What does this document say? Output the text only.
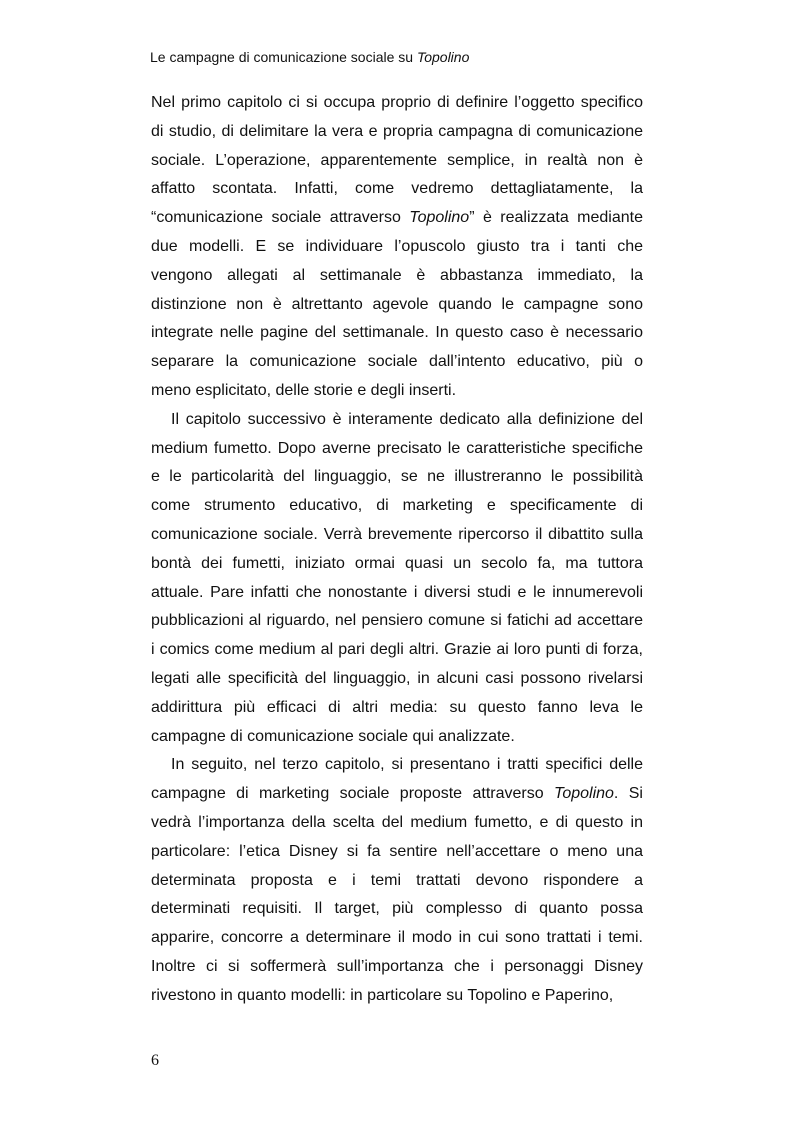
Le campagne di comunicazione sociale su Topolino
Nel primo capitolo ci si occupa proprio di definire l’oggetto specifico
di studio, di delimitare la vera e propria campagna di comunicazione
sociale. L’operazione, apparentemente semplice, in realtà non è
affatto scontata. Infatti, come vedremo dettagliatamente, la
“comunicazione sociale attraverso Topolino” è realizzata mediante
due modelli. E se individuare l’opuscolo giusto tra i tanti che
vengono allegati al settimanale è abbastanza immediato, la
distinzione non è altrettanto agevole quando le campagne sono
integrate nelle pagine del settimanale. In questo caso è necessario
separare la comunicazione sociale dall’intento educativo, più o
meno esplicitato, delle storie e degli inserti.
Il capitolo successivo è interamente dedicato alla definizione del
medium fumetto. Dopo averne precisato le caratteristiche specifiche
e le particolarità del linguaggio, se ne illustreranno le possibilità
come strumento educativo, di marketing e specificamente di
comunicazione sociale. Verrà brevemente ripercorso il dibattito sulla
bontà dei fumetti, iniziato ormai quasi un secolo fa, ma tuttora
attuale. Pare infatti che nonostante i diversi studi e le innumerevoli
pubblicazioni al riguardo, nel pensiero comune si fatichi ad accettare
i comics come medium al pari degli altri. Grazie ai loro punti di forza,
legati alle specificità del linguaggio, in alcuni casi possono rivelarsi
addirittura più efficaci di altri media: su questo fanno leva le
campagne di comunicazione sociale qui analizzate.
In seguito, nel terzo capitolo, si presentano i tratti specifici delle
campagne di marketing sociale proposte attraverso Topolino. Si
vedrà l’importanza della scelta del medium fumetto, e di questo in
particolare: l’etica Disney si fa sentire nell’accettare o meno una
determinata proposta e i temi trattati devono rispondere a
determinati requisiti. Il target, più complesso di quanto possa
apparire, concorre a determinare il modo in cui sono trattati i temi.
Inoltre ci si soffermerà sull’importanza che i personaggi Disney
rivestono in quanto modelli: in particolare su Topolino e Paperino,
6
